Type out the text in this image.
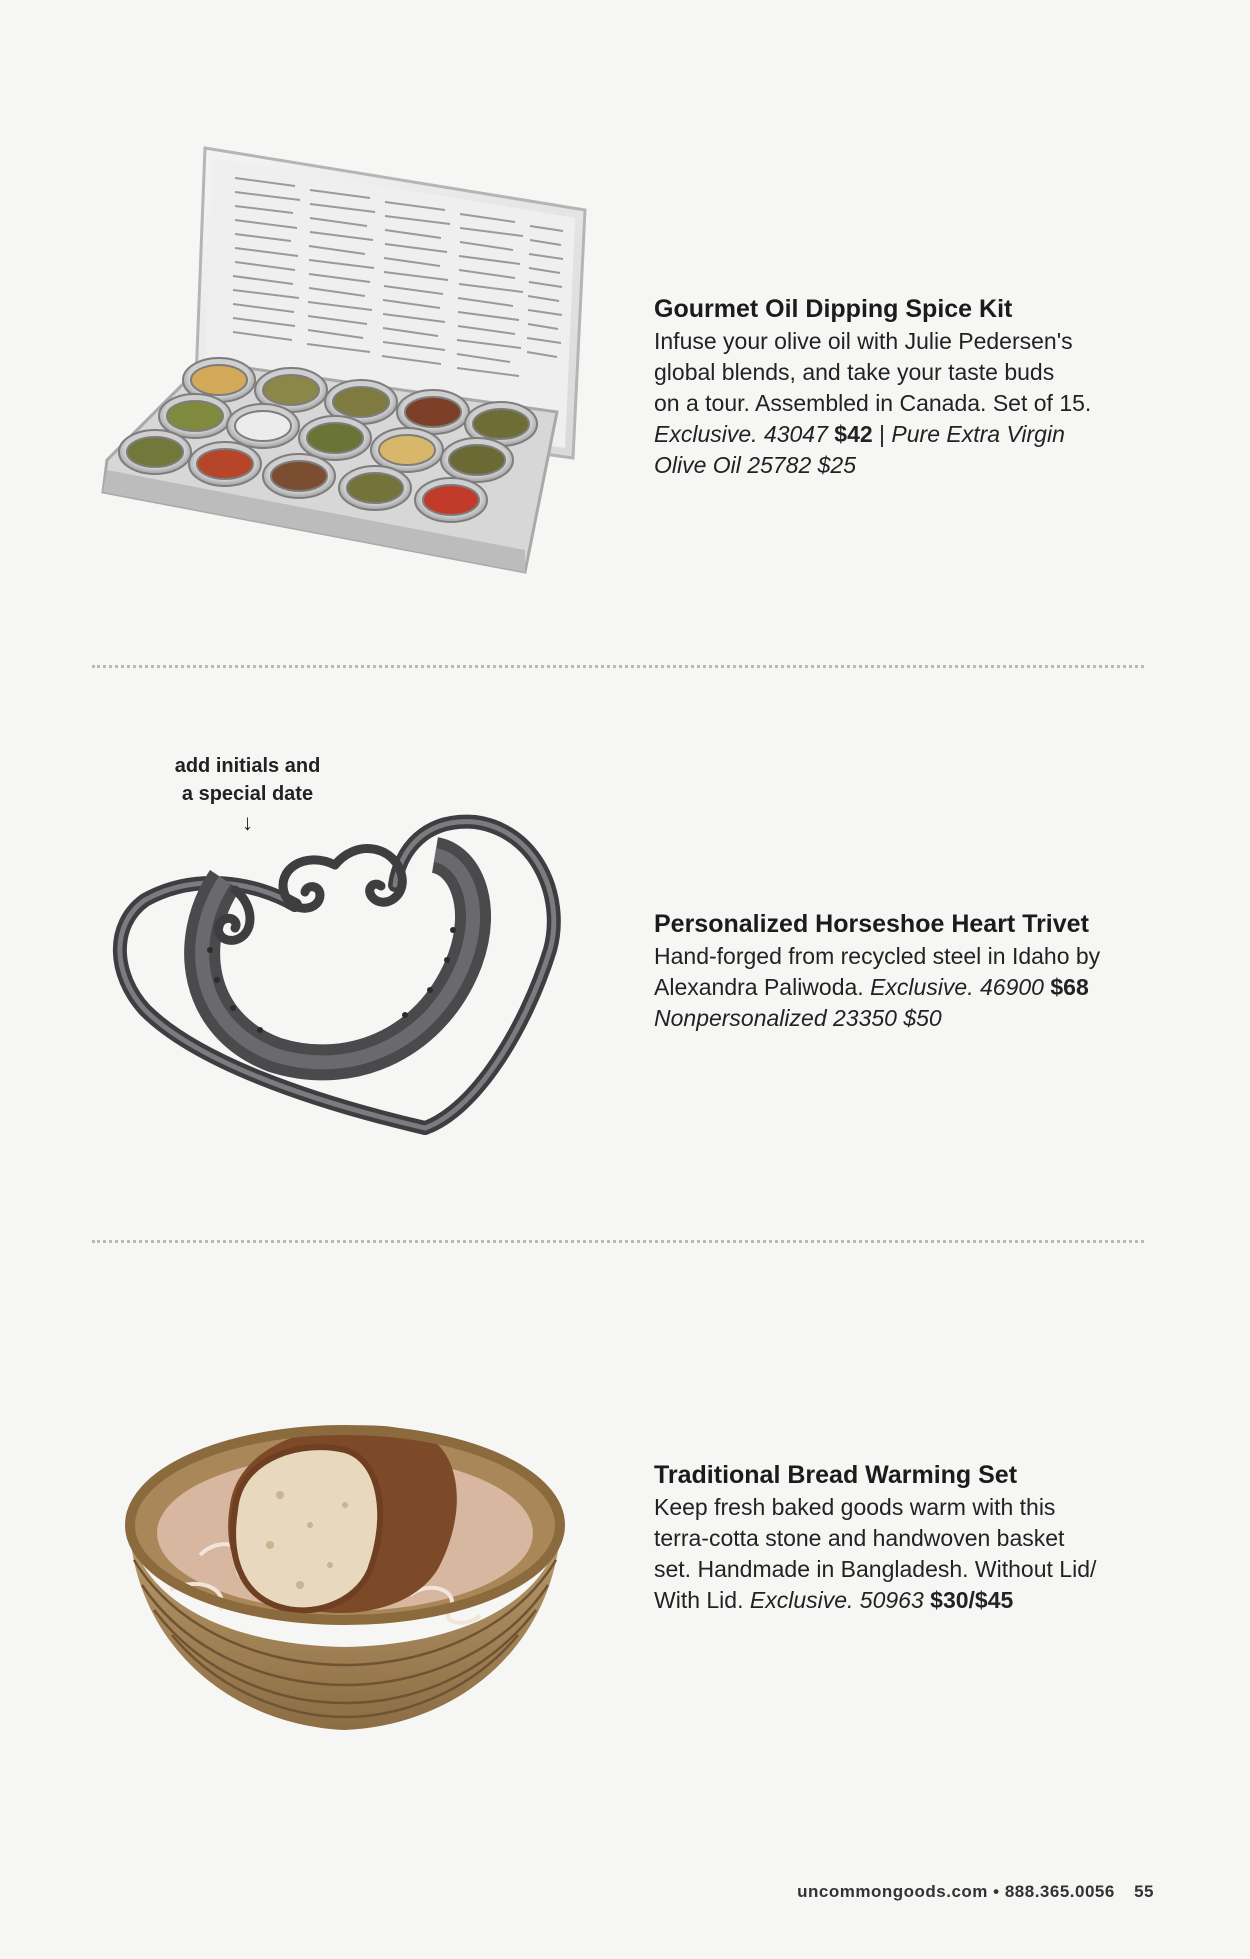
Gourmet Oil Dipping Spice Kit
Infuse your olive oil with Julie Pedersen's
global blends, and take your taste buds
on a tour. Assembled in Canada. Set of 15.
Exclusive. 43047 $42 | Pure Extra Virgin
Olive Oil 25782 $25
add initials and
a special date
↓
Personalized Horseshoe Heart Trivet
Hand-forged from recycled steel in Idaho by
Alexandra Paliwoda. Exclusive. 46900 $68
Nonpersonalized 23350 $50
Traditional Bread Warming Set
Keep fresh baked goods warm with this
terra-cotta stone and handwoven basket
set. Handmade in Bangladesh. Without Lid/
With Lid. Exclusive. 50963 $30/$45
uncommongoods.com • 888.365.0056 55
